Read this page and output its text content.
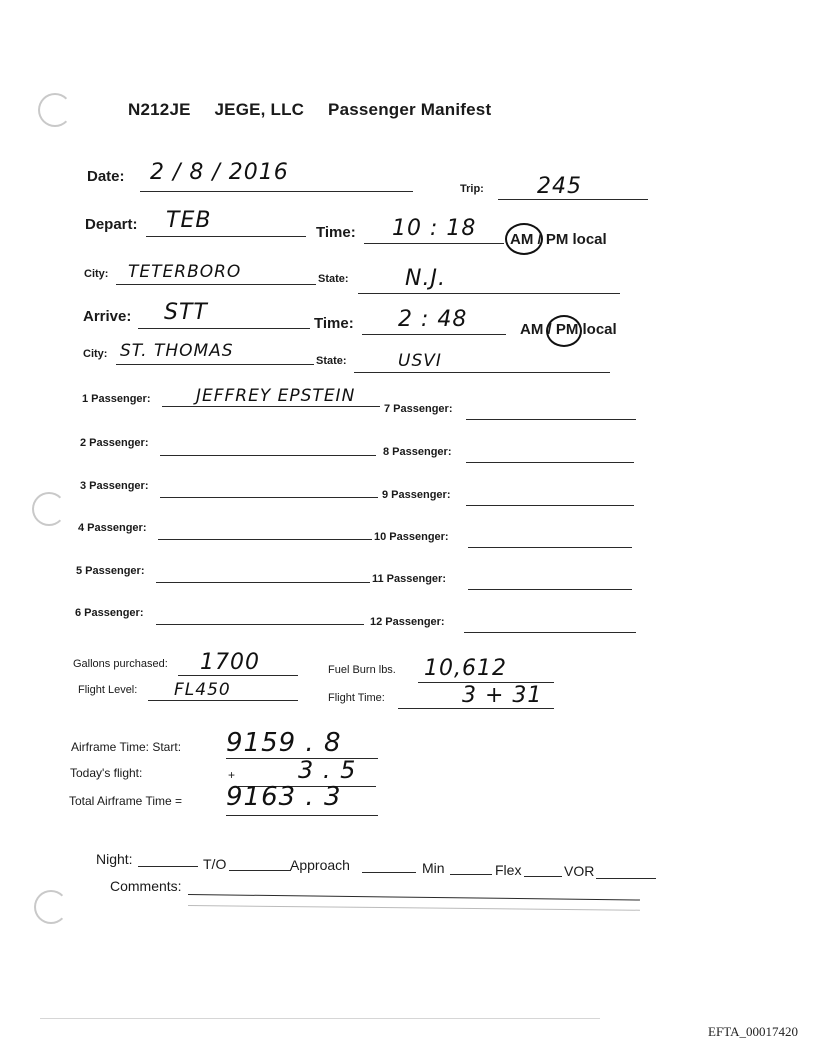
N212JE JEGE, LLC Passenger Manifest
Date: 2 / 8 / 2016
Trip: 245
Depart: TEB	Time: 10 : 18 AM / PM local
City: TETERBORO	State:	N.J.
Arrive: STT	Time: 2 : 48	AM / PM local
City: ST. THOMAS	State:	USVI
1 Passenger:	JEFFREY EPSTEIN
2 Passenger:
3 Passenger:
4 Passenger:
5 Passenger:
6 Passenger:
7 Passenger:
8 Passenger:
9 Passenger:
10 Passenger:
11 Passenger:
12 Passenger:
Gallons purchased: 1700	Fuel Burn lbs. 10,612
Flight Level: FL450	Flight Time:	3 + 31
Airframe Time: Start: 9159 . 8
Today's flight:	+	3 . 5
Total Airframe Time = 9163 . 3
Night:	T/O	Approach	Min	Flex	VOR
Comments:
EFTA_00017420
